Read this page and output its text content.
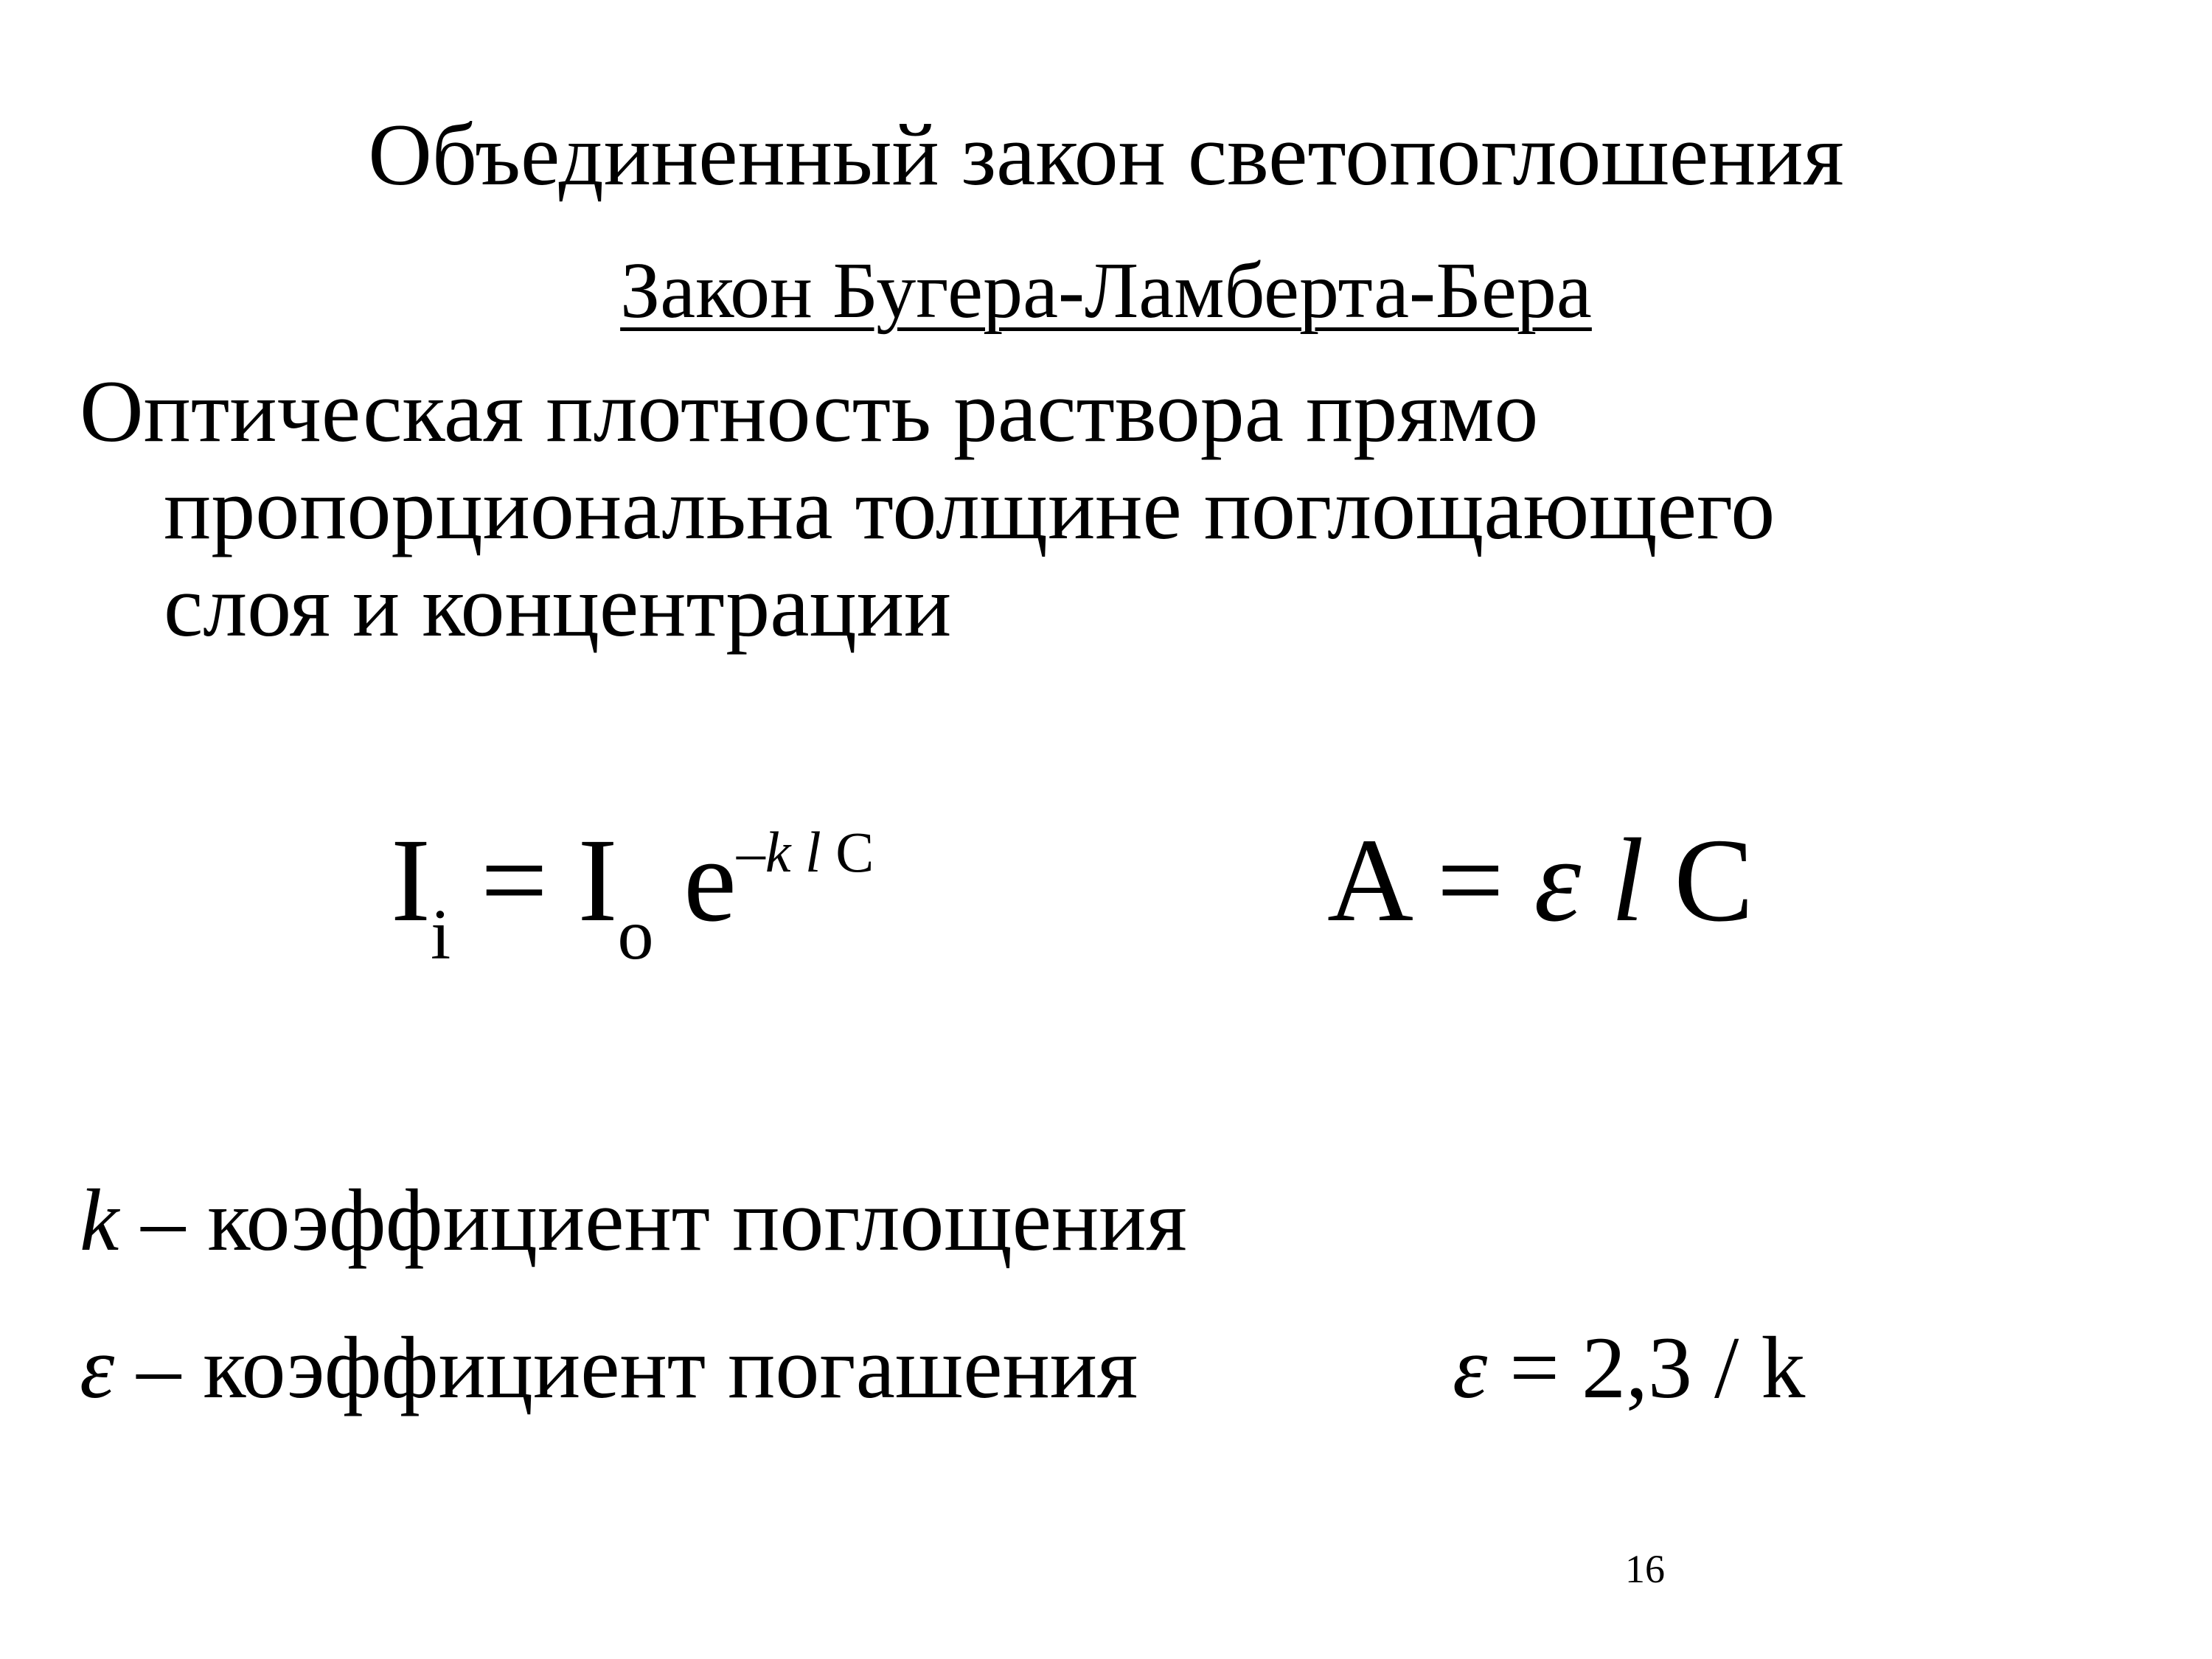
Объединенный закон светопоглошения
Закон Бугера-Ламберта-Бера
Оптическая плотность раствора прямо
пропорциональна толщине поглощающего
слоя и концентрации
$I_i = I_o$ $e^{-k l C}$	A = ε l C
k – коэффициент поглощения
ε – коэффициент погашения	ε = 2,3 / k
16
